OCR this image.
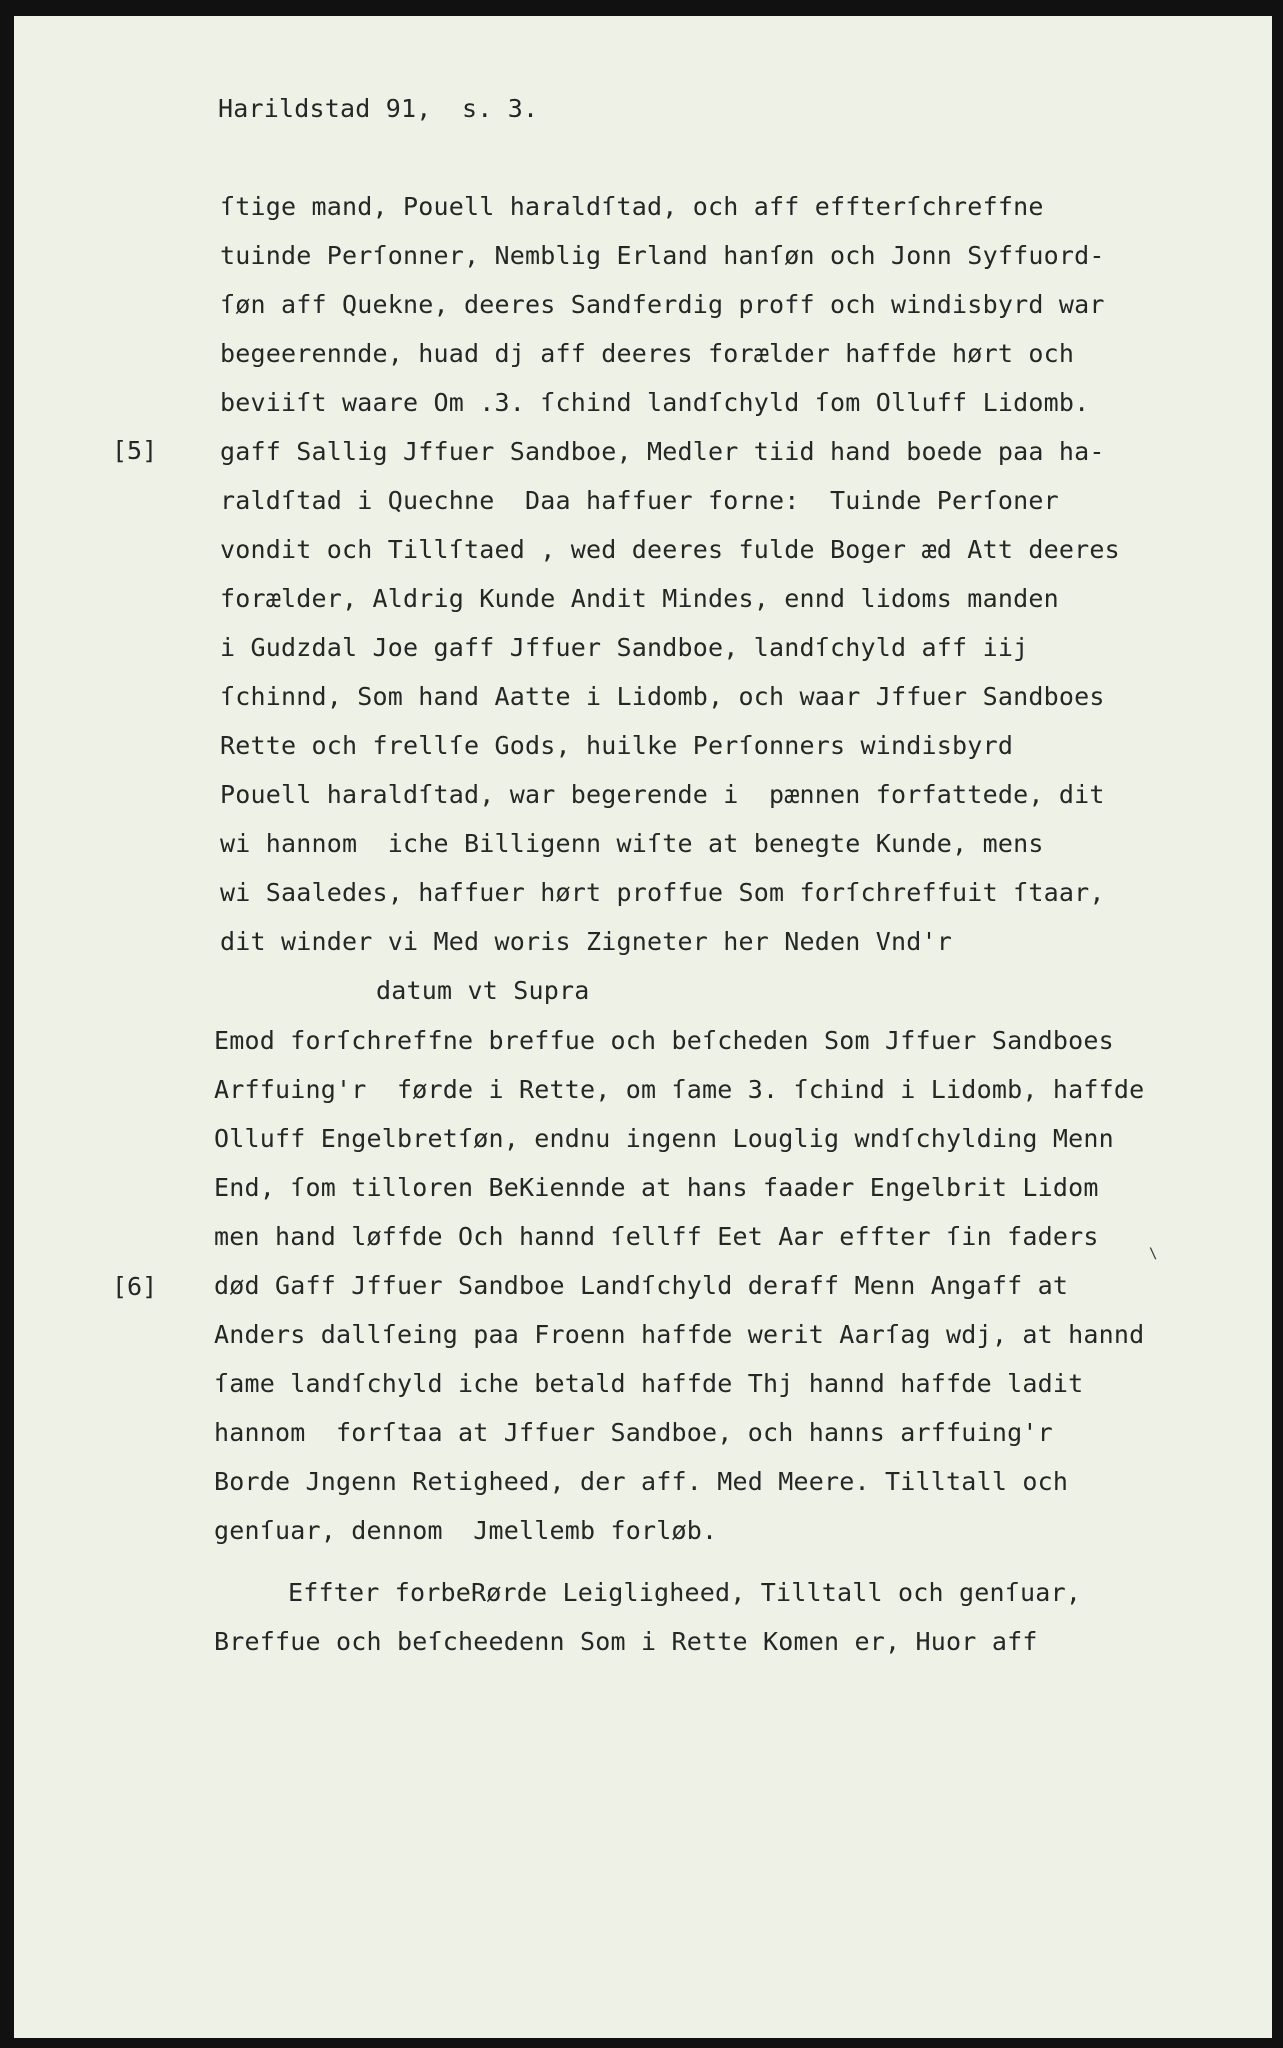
Harildstad 91,  s. 3.
[5]
[6]
ſtige mand, Pouell haraldſtad, och aff effterſchreffne
tuinde Perſonner, Nemblig Erland hanſøn och Jonn Syffuord-
ſøn aff Quekne, deeres Sandferdig proff och windisbyrd war
begeerennde, huad dj aff deeres forælder haffde hørt och
beviiſt waare Om .3. ſchind landſchyld ſom Olluff Lidomb.
gaff Sallig Jffuer Sandboe, Medler tiid hand boede paa ha-
raldſtad i Quechne  Daa haffuer forne:  Tuinde Perſoner
vondit och Tillſtaed , wed deeres fulde Boger æd Att deeres
forælder, Aldrig Kunde Andit Mindes, ennd lidoms manden
i Gudzdal Joe gaff Jffuer Sandboe, landſchyld aff iij
ſchinnd, Som hand Aatte i Lidomb, och waar Jffuer Sandboes
Rette och frellſe Gods, huilke Perſonners windisbyrd
Pouell haraldſtad, war begerende i  pænnen forfattede, dit
wi hannom  iche Billigenn wiſte at benegte Kunde, mens
wi Saaledes, haffuer hørt proffue Som forſchreffuit ſtaar,
dit winder vi Med woris Zigneter her Neden Vnd'r
datum vt Supra
Emod forſchreffne breffue och beſcheden Som Jffuer Sandboes
Arffuing'r  førde i Rette, om ſame 3. ſchind i Lidomb, haffde
Olluff Engelbretſøn, endnu ingenn Louglig wndſchylding Menn
End, ſom tilloren BeKiennde at hans faader Engelbrit Lidom
men hand løffde Och hannd ſellff Eet Aar effter ſin faders
død Gaff Jffuer Sandboe Landſchyld deraff Menn Angaff at
Anders dallſeing paa Froenn haffde werit Aarſag wdj, at hannd
ſame landſchyld iche betald haffde Thj hannd haffde ladit
hannom  forſtaa at Jffuer Sandboe, och hanns arffuing'r
Borde Jngenn Retigheed, der aff. Med Meere. Tilltall och
genſuar, dennom  Jmellemb forløb.
Effter forbeRørde Leigligheed, Tilltall och genſuar,
Breffue och beſcheedenn Som i Rette Komen er, Huor aff
\
